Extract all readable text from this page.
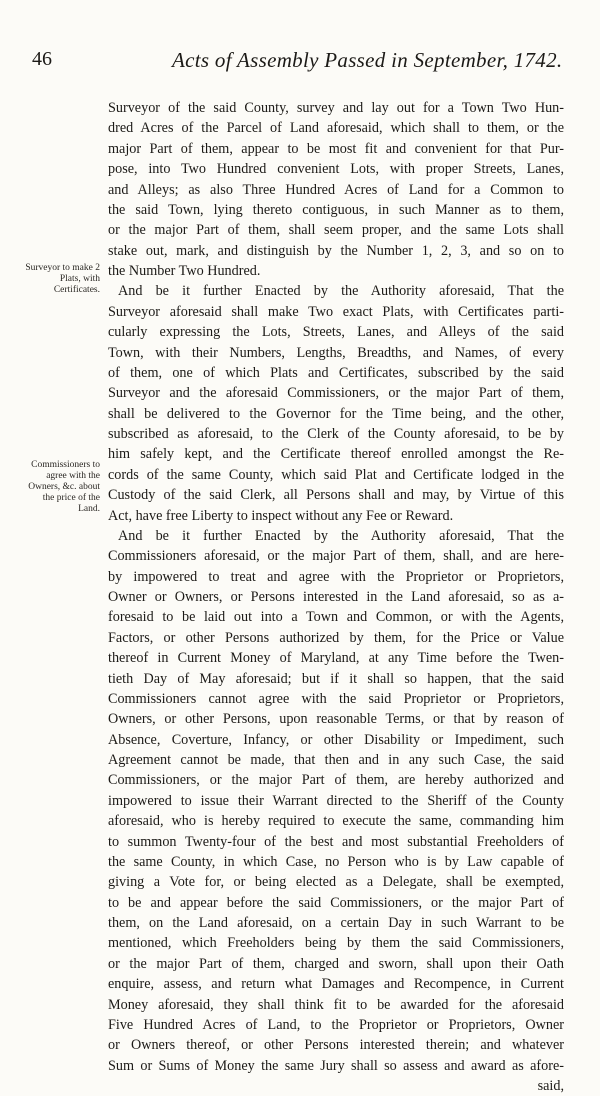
46	Acts of Assembly Passed in September, 1742.
Surveyor to make 2 Plats, with Certificates.
Commissioners to agree with the Owners, &c. about the price of the Land.
Surveyor of the said County, survey and lay out for a Town Two Hun-
dred Acres of the Parcel of Land aforesaid, which shall to them, or the
major Part of them, appear to be most fit and convenient for that Pur-
pose, into Two Hundred convenient Lots, with proper Streets, Lanes,
and Alleys; as also Three Hundred Acres of Land for a Common to
the said Town, lying thereto contiguous, in such Manner as to them,
or the major Part of them, shall seem proper, and the same Lots shall
stake out, mark, and distinguish by the Number 1, 2, 3, and so on to
the Number Two Hundred.
And be it further Enacted by the Authority aforesaid, That the
Surveyor aforesaid shall make Two exact Plats, with Certificates parti-
cularly expressing the Lots, Streets, Lanes, and Alleys of the said
Town, with their Numbers, Lengths, Breadths, and Names, of every
of them, one of which Plats and Certificates, subscribed by the said
Surveyor and the aforesaid Commissioners, or the major Part of them,
shall be delivered to the Governor for the Time being, and the other,
subscribed as aforesaid, to the Clerk of the County aforesaid, to be by
him safely kept, and the Certificate thereof enrolled amongst the Re-
cords of the same County, which said Plat and Certificate lodged in the
Custody of the said Clerk, all Persons shall and may, by Virtue of this
Act, have free Liberty to inspect without any Fee or Reward.
And be it further Enacted by the Authority aforesaid, That the
Commissioners aforesaid, or the major Part of them, shall, and are here-
by impowered to treat and agree with the Proprietor or Proprietors,
Owner or Owners, or Persons interested in the Land aforesaid, so as a-
foresaid to be laid out into a Town and Common, or with the Agents,
Factors, or other Persons authorized by them, for the Price or Value
thereof in Current Money of Maryland, at any Time before the Twen-
tieth Day of May aforesaid; but if it shall so happen, that the said
Commissioners cannot agree with the said Proprietor or Proprietors,
Owners, or other Persons, upon reasonable Terms, or that by reason of
Absence, Coverture, Infancy, or other Disability or Impediment, such
Agreement cannot be made, that then and in any such Case, the said
Commissioners, or the major Part of them, are hereby authorized and
impowered to issue their Warrant directed to the Sheriff of the County
aforesaid, who is hereby required to execute the same, commanding him
to summon Twenty-four of the best and most substantial Freeholders of
the same County, in which Case, no Person who is by Law capable of
giving a Vote for, or being elected as a Delegate, shall be exempted,
to be and appear before the said Commissioners, or the major Part of
them, on the Land aforesaid, on a certain Day in such Warrant to be
mentioned, which Freeholders being by them the said Commissioners,
or the major Part of them, charged and sworn, shall upon their Oath
enquire, assess, and return what Damages and Recompence, in Current
Money aforesaid, they shall think fit to be awarded for the aforesaid
Five Hundred Acres of Land, to the Proprietor or Proprietors, Owner
or Owners thereof, or other Persons interested therein; and whatever
Sum or Sums of Money the same Jury shall so assess and award as afore-
said,
